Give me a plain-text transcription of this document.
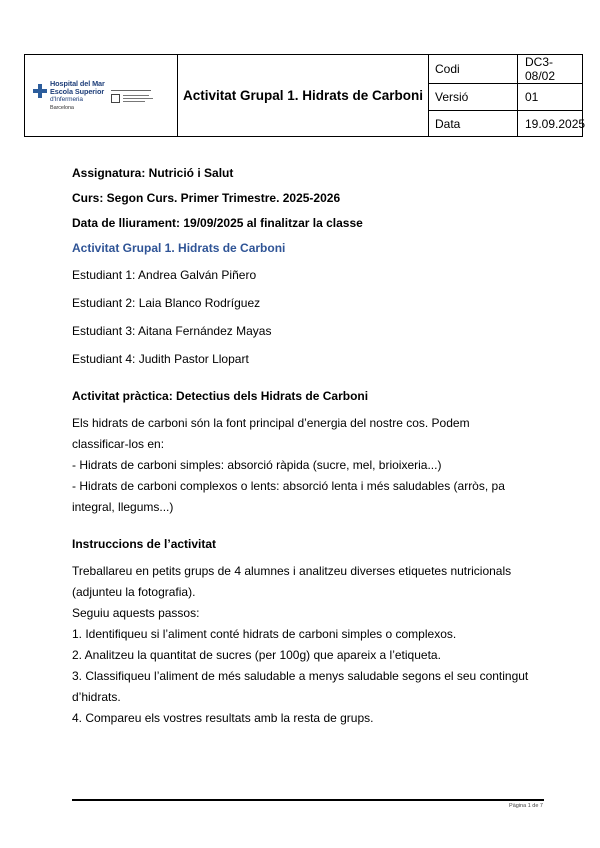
Hospital del Mar
Escola Superior
d'Infermeria
Barcelona	Activitat Grupal 1. Hidrats de Carboni	Codi	DC3-08/02
		Versió	01
		Data	19.09.2025
Assignatura: Nutrició i Salut
Curs: Segon Curs. Primer Trimestre. 2025-2026
Data de lliurament: 19/09/2025 al finalitzar la classe
Activitat Grupal 1. Hidrats de Carboni
Estudiant 1: Andrea Galván Piñero
Estudiant 2: Laia Blanco Rodríguez
Estudiant 3: Aitana Fernández Mayas
Estudiant 4: Judith Pastor Llopart
Activitat pràctica: Detectius dels Hidrats de Carboni
Els hidrats de carboni són la font principal d’energia del nostre cos. Podem
classificar-los en:
- Hidrats de carboni simples: absorció ràpida (sucre, mel, brioixeria...)
- Hidrats de carboni complexos o lents: absorció lenta i més saludables (arròs, pa
integral, llegums...)
Instruccions de l’activitat
Treballareu en petits grups de 4 alumnes i analitzeu diverses etiquetes nutricionals
(adjunteu la fotografia).
Seguiu aquests passos:
1. Identifiqueu si l’aliment conté hidrats de carboni simples o complexos.
2. Analitzeu la quantitat de sucres (per 100g) que apareix a l’etiqueta.
3. Classifiqueu l’aliment de més saludable a menys saludable segons el seu contingut
d’hidrats.
4. Compareu els vostres resultats amb la resta de grups.
Pàgina 1 de 7
